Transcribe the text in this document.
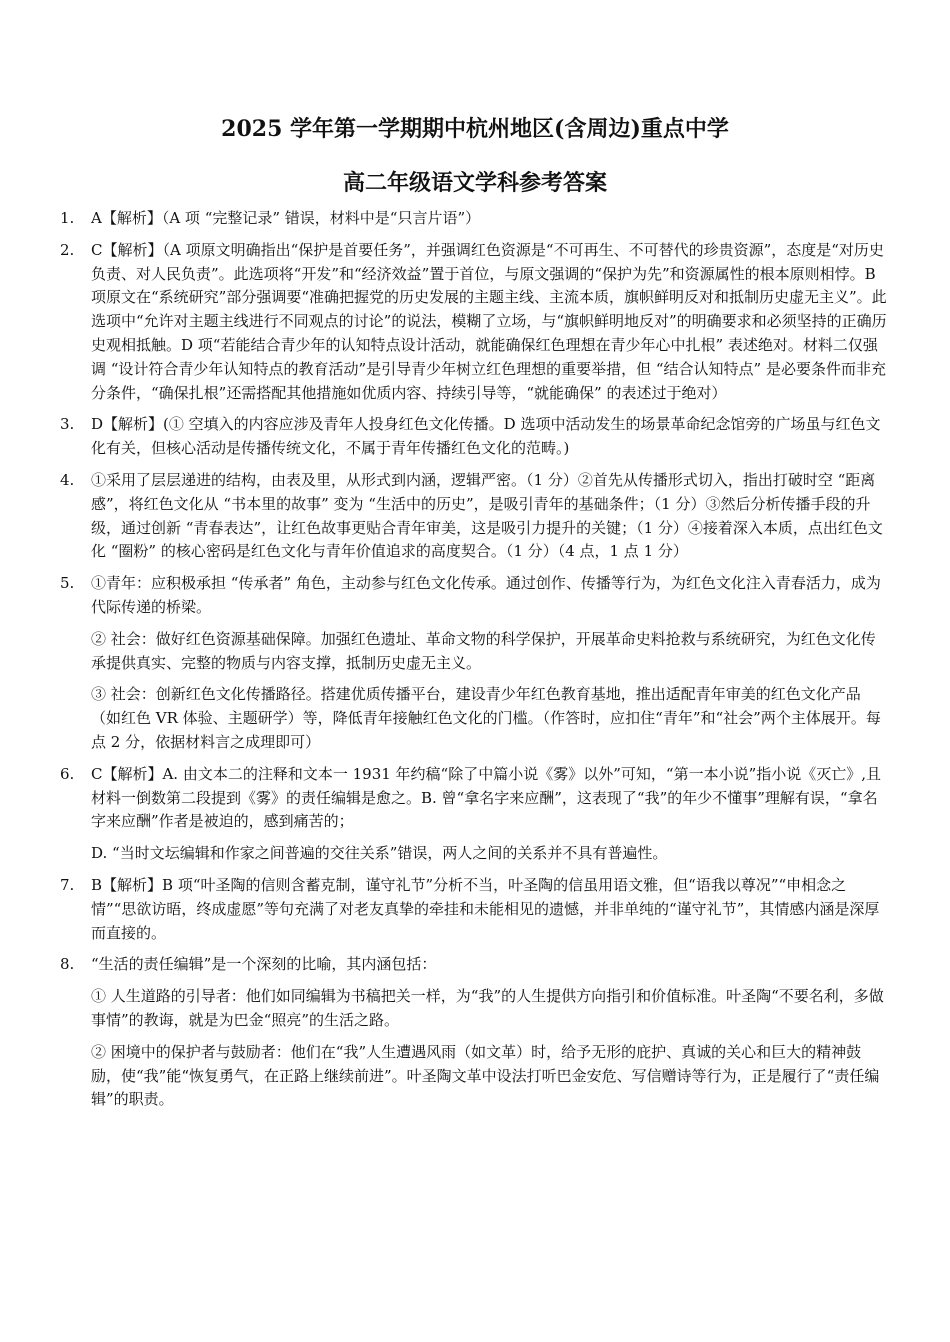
2025 学年第一学期期中杭州地区(含周边)重点中学
高二年级语文学科参考答案
1. A【解析】（A 项 “完整记录” 错误，材料中是“只言片语”）

2. C【解析】（A 项原文明确指出“保护是首要任务”，并强调红色资源是“不可再生、不可替代的珍贵资源”，态度是“对历史负责、对人民负责”。此选项将“开发”和“经济效益”置于首位，与原文强调的“保护为先”和资源属性的根本原则相悖。B 项原文在“系统研究”部分强调要“准确把握党的历史发展的主题主线、主流本质，旗帜鲜明反对和抵制历史虚无主义”。此选项中“允许对主题主线进行不同观点的讨论”的说法，模糊了立场，与“旗帜鲜明地反对”的明确要求和必须坚持的正确历史观相抵触。D 项“若能结合青少年的认知特点设计活动，就能确保红色理想在青少年心中扎根” 表述绝对。材料二仅强调 “设计符合青少年认知特点的教育活动”是引导青少年树立红色理想的重要举措，但 “结合认知特点” 是必要条件而非充分条件，“确保扎根”还需搭配其他措施如优质内容、持续引导等，“就能确保” 的表述过于绝对）

3. D【解析】(① 空填入的内容应涉及青年人投身红色文化传播。D 选项中活动发生的场景革命纪念馆旁的广场虽与红色文化有关，但核心活动是传播传统文化，不属于青年传播红色文化的范畴。)

4. ①采用了层层递进的结构，由表及里，从形式到内涵，逻辑严密。（1 分）②首先从传播形式切入，指出打破时空 “距离感”，将红色文化从 “书本里的故事” 变为 “生活中的历史”，是吸引青年的基础条件；（1 分）③然后分析传播手段的升级，通过创新 “青春表达”，让红色故事更贴合青年审美，这是吸引力提升的关键；（1 分）④接着深入本质，点出红色文化 “圈粉” 的核心密码是红色文化与青年价值追求的高度契合。（1 分）（4 点，1 点 1 分）

5. ①青年：应积极承担 “传承者” 角色，主动参与红色文化传承。通过创作、传播等行为，为红色文化注入青春活力，成为代际传递的桥梁。

② 社会：做好红色资源基础保障。加强红色遗址、革命文物的科学保护，开展革命史料抢救与系统研究，为红色文化传承提供真实、完整的物质与内容支撑，抵制历史虚无主义。

③ 社会：创新红色文化传播路径。搭建优质传播平台，建设青少年红色教育基地，推出适配青年审美的红色文化产品（如红色 VR 体验、主题研学）等，降低青年接触红色文化的门槛。（作答时，应扣住“青年”和“社会”两个主体展开。每点 2 分，依据材料言之成理即可）

6. C【解析】A. 由文本二的注释和文本一 1931 年约稿“除了中篇小说《雾》以外”可知，“第一本小说”指小说《灭亡》,且材料一倒数第二段提到《雾》的责任编辑是愈之。B. 曾“拿名字来应酬”，这表现了“我”的年少不懂事”理解有误，“拿名字来应酬”作者是被迫的，感到痛苦的；

D. “当时文坛编辑和作家之间普遍的交往关系”错误，两人之间的关系并不具有普遍性。

7. B【解析】B 项“叶圣陶的信则含蓄克制，谨守礼节”分析不当，叶圣陶的信虽用语文雅，但“语我以尊况”“申相念之情”“思欲访晤，终成虚愿”等句充满了对老友真挚的牵挂和未能相见的遗憾，并非单纯的“谨守礼节”，其情感内涵是深厚而直接的。

8. “生活的责任编辑”是一个深刻的比喻，其内涵包括：

① 人生道路的引导者：他们如同编辑为书稿把关一样，为“我”的人生提供方向指引和价值标准。叶圣陶“不要名利，多做事情”的教诲，就是为巴金“照亮”的生活之路。

② 困境中的保护者与鼓励者：他们在“我”人生遭遇风雨（如文革）时，给予无形的庇护、真诚的关心和巨大的精神鼓励，使“我”能“恢复勇气，在正路上继续前进”。叶圣陶文革中设法打听巴金安危、写信赠诗等行为，正是履行了“责任编辑”的职责。
